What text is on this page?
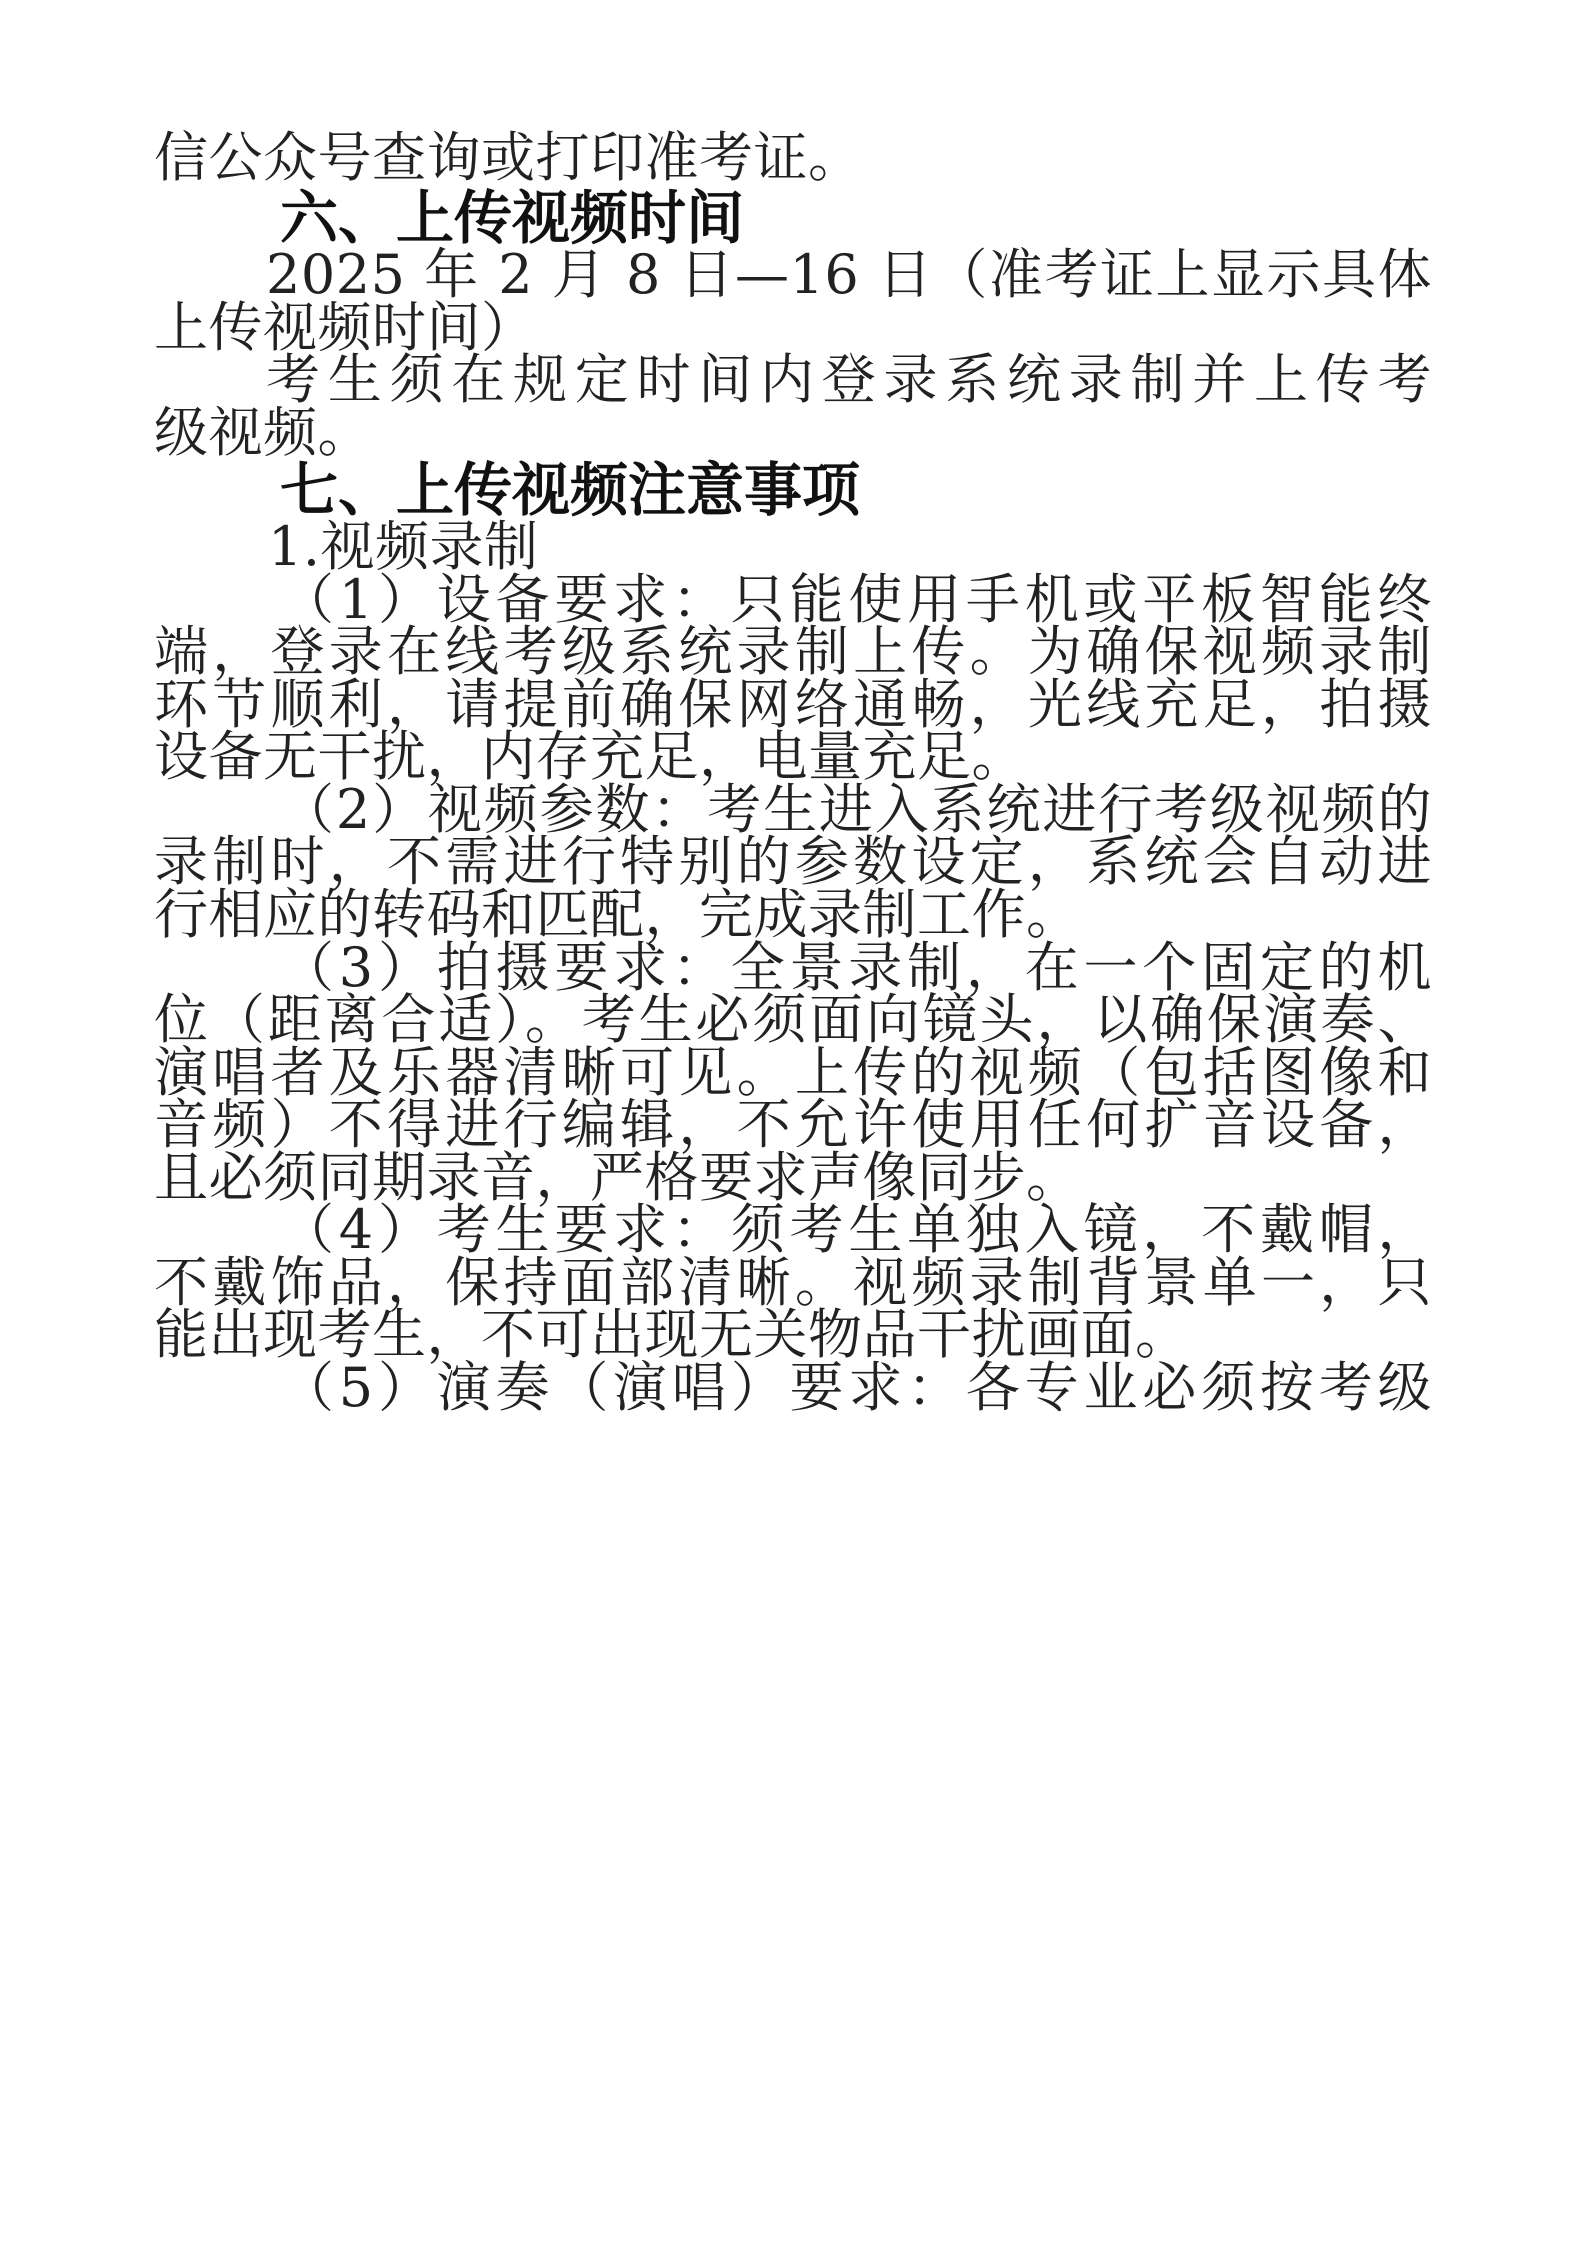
信公众号查询或打印准考证。
六、上传视频时间
2025 年 2 月 8 日—16 日（准考证上显示具体
上传视频时间）
考生须在规定时间内登录系统录制并上传考
级视频。
七、上传视频注意事项
1.视频录制
（1）设备要求：只能使用手机或平板智能终
端，登录在线考级系统录制上传。为确保视频录制
环节顺利，请提前确保网络通畅，光线充足，拍摄
设备无干扰，内存充足，电量充足。
（2）视频参数：考生进入系统进行考级视频的
录制时，不需进行特别的参数设定，系统会自动进
行相应的转码和匹配，完成录制工作。
（3）拍摄要求：全景录制，在一个固定的机
位（距离合适）。考生必须面向镜头，以确保演奏、
演唱者及乐器清晰可见。上传的视频（包括图像和
音频）不得进行编辑，不允许使用任何扩音设备，
且必须同期录音，严格要求声像同步。
（4）考生要求：须考生单独入镜，不戴帽，
不戴饰品，保持面部清晰。视频录制背景单一，只
能出现考生，不可出现无关物品干扰画面。
（5）演奏（演唱）要求：各专业必须按考级
